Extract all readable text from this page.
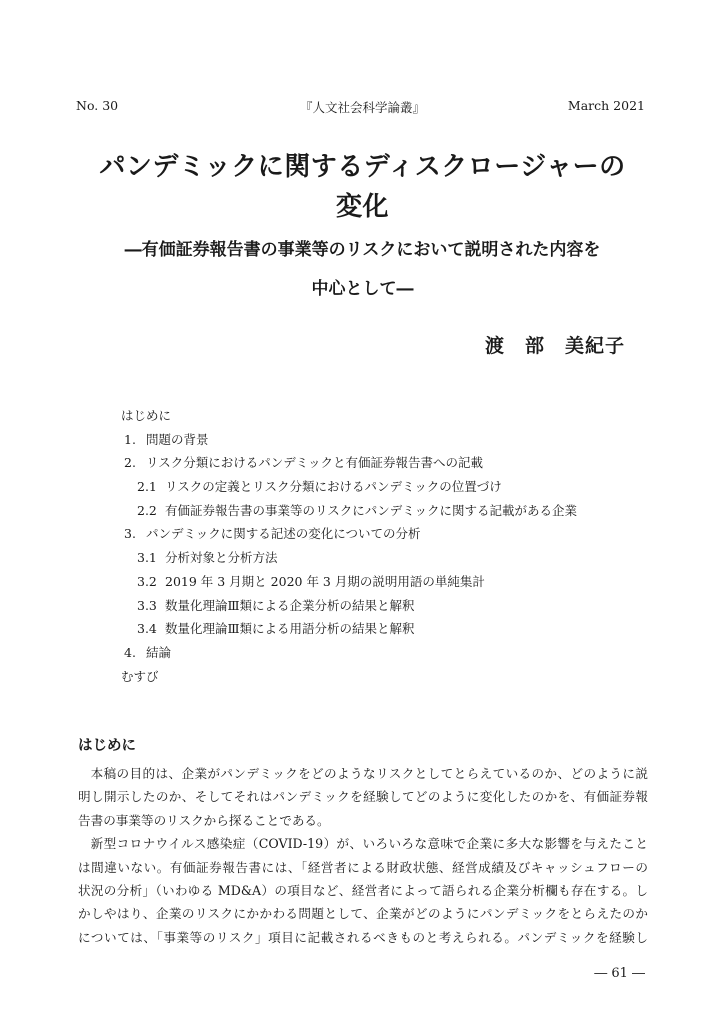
No. 30	『人文社会科学論叢』	March 2021
パンデミックに関するディスクロージャーの
変化
―有価証券報告書の事業等のリスクにおいて説明された内容を
中心として―
渡　部　美紀子
はじめに
1. 問題の背景
2. リスク分類におけるパンデミックと有価証券報告書への記載
2.1 リスクの定義とリスク分類におけるパンデミックの位置づけ
2.2 有価証券報告書の事業等のリスクにパンデミックに関する記載がある企業
3. パンデミックに関する記述の変化についての分析
3.1 分析対象と分析方法
3.2 2019 年 3 月期と 2020 年 3 月期の説明用語の単純集計
3.3 数量化理論Ⅲ類による企業分析の結果と解釈
3.4 数量化理論Ⅲ類による用語分析の結果と解釈
4. 結論
むすび
はじめに
本稿の目的は、企業がパンデミックをどのようなリスクとしてとらえているのか、どのように説
明し開示したのか、そしてそれはパンデミックを経験してどのように変化したのかを、有価証券報
告書の事業等のリスクから探ることである。
新型コロナウイルス感染症（COVID-19）が、いろいろな意味で企業に多大な影響を与えたこと
は間違いない。有価証券報告書には、「経営者による財政状態、経営成績及びキャッシュフローの
状況の分析」（いわゆる MD&A）の項目など、経営者によって語られる企業分析欄も存在する。し
かしやはり、企業のリスクにかかわる問題として、企業がどのようにパンデミックをとらえたのか
については、「事業等のリスク」項目に記載されるべきものと考えられる。パンデミックを経験し
― 61 ―
